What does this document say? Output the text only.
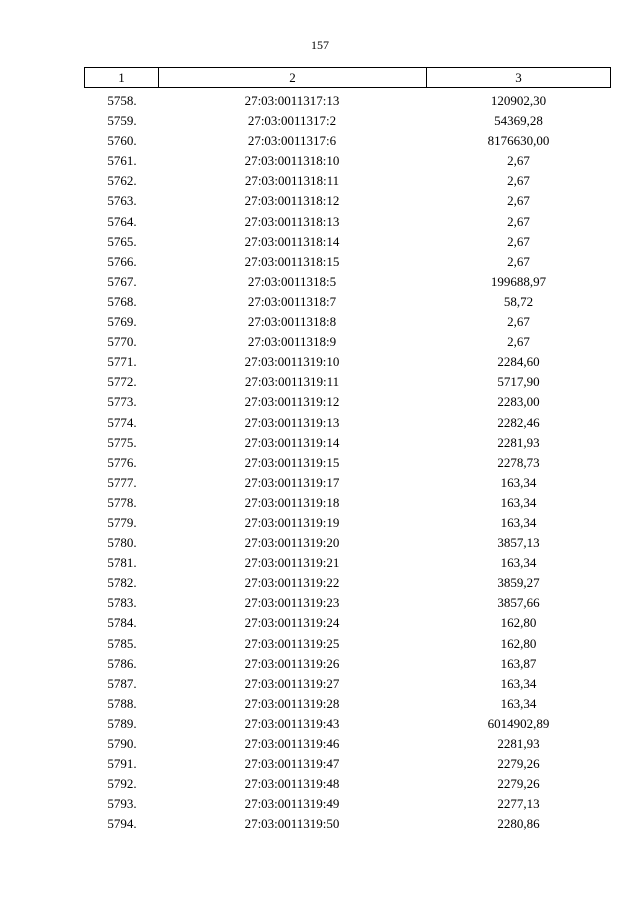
157
1	2	3
5758.	27:03:0011317:13	120902,30
5759.	27:03:0011317:2	54369,28
5760.	27:03:0011317:6	8176630,00
5761.	27:03:0011318:10	2,67
5762.	27:03:0011318:11	2,67
5763.	27:03:0011318:12	2,67
5764.	27:03:0011318:13	2,67
5765.	27:03:0011318:14	2,67
5766.	27:03:0011318:15	2,67
5767.	27:03:0011318:5	199688,97
5768.	27:03:0011318:7	58,72
5769.	27:03:0011318:8	2,67
5770.	27:03:0011318:9	2,67
5771.	27:03:0011319:10	2284,60
5772.	27:03:0011319:11	5717,90
5773.	27:03:0011319:12	2283,00
5774.	27:03:0011319:13	2282,46
5775.	27:03:0011319:14	2281,93
5776.	27:03:0011319:15	2278,73
5777.	27:03:0011319:17	163,34
5778.	27:03:0011319:18	163,34
5779.	27:03:0011319:19	163,34
5780.	27:03:0011319:20	3857,13
5781.	27:03:0011319:21	163,34
5782.	27:03:0011319:22	3859,27
5783.	27:03:0011319:23	3857,66
5784.	27:03:0011319:24	162,80
5785.	27:03:0011319:25	162,80
5786.	27:03:0011319:26	163,87
5787.	27:03:0011319:27	163,34
5788.	27:03:0011319:28	163,34
5789.	27:03:0011319:43	6014902,89
5790.	27:03:0011319:46	2281,93
5791.	27:03:0011319:47	2279,26
5792.	27:03:0011319:48	2279,26
5793.	27:03:0011319:49	2277,13
5794.	27:03:0011319:50	2280,86
